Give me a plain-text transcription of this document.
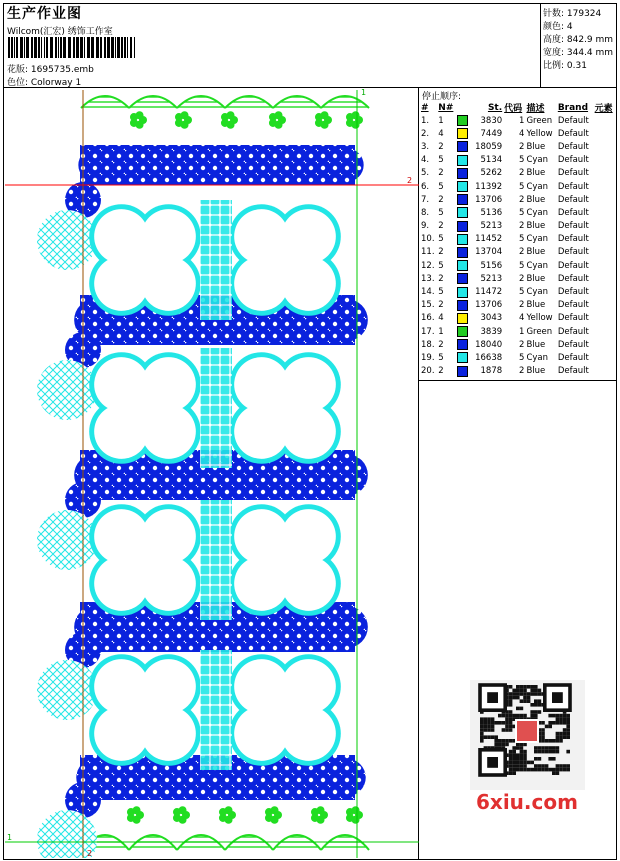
生产作业图
Wilcom(汇宏) 绣饰工作室
花版: 1695735.emb
色位: Colorway 1
针数: 179324
颜色: 4
高度: 842.9 mm
宽度: 344.4 mm
比例: 0.31
1
2
1
2
停止顺序:
#	N#		St.	代码	描述	Brand	元素
1.	1		3830	1	Green	Default	
2.	4		7449	4	Yellow	Default	
3.	2		18059	2	Blue	Default	
4.	5		5134	5	Cyan	Default	
5.	2		5262	2	Blue	Default	
6.	5		11392	5	Cyan	Default	
7.	2		13706	2	Blue	Default	
8.	5		5136	5	Cyan	Default	
9.	2		5213	2	Blue	Default	
10.	5		11452	5	Cyan	Default	
11.	2		13704	2	Blue	Default	
12.	5		5156	5	Cyan	Default	
13.	2		5213	2	Blue	Default	
14.	5		11472	5	Cyan	Default	
15.	2		13706	2	Blue	Default	
16.	4		3043	4	Yellow	Default	
17.	1		3839	1	Green	Default	
18.	2		18040	2	Blue	Default	
19.	5		16638	5	Cyan	Default	
20.	2		1878	2	Blue	Default	
6xiu.com
